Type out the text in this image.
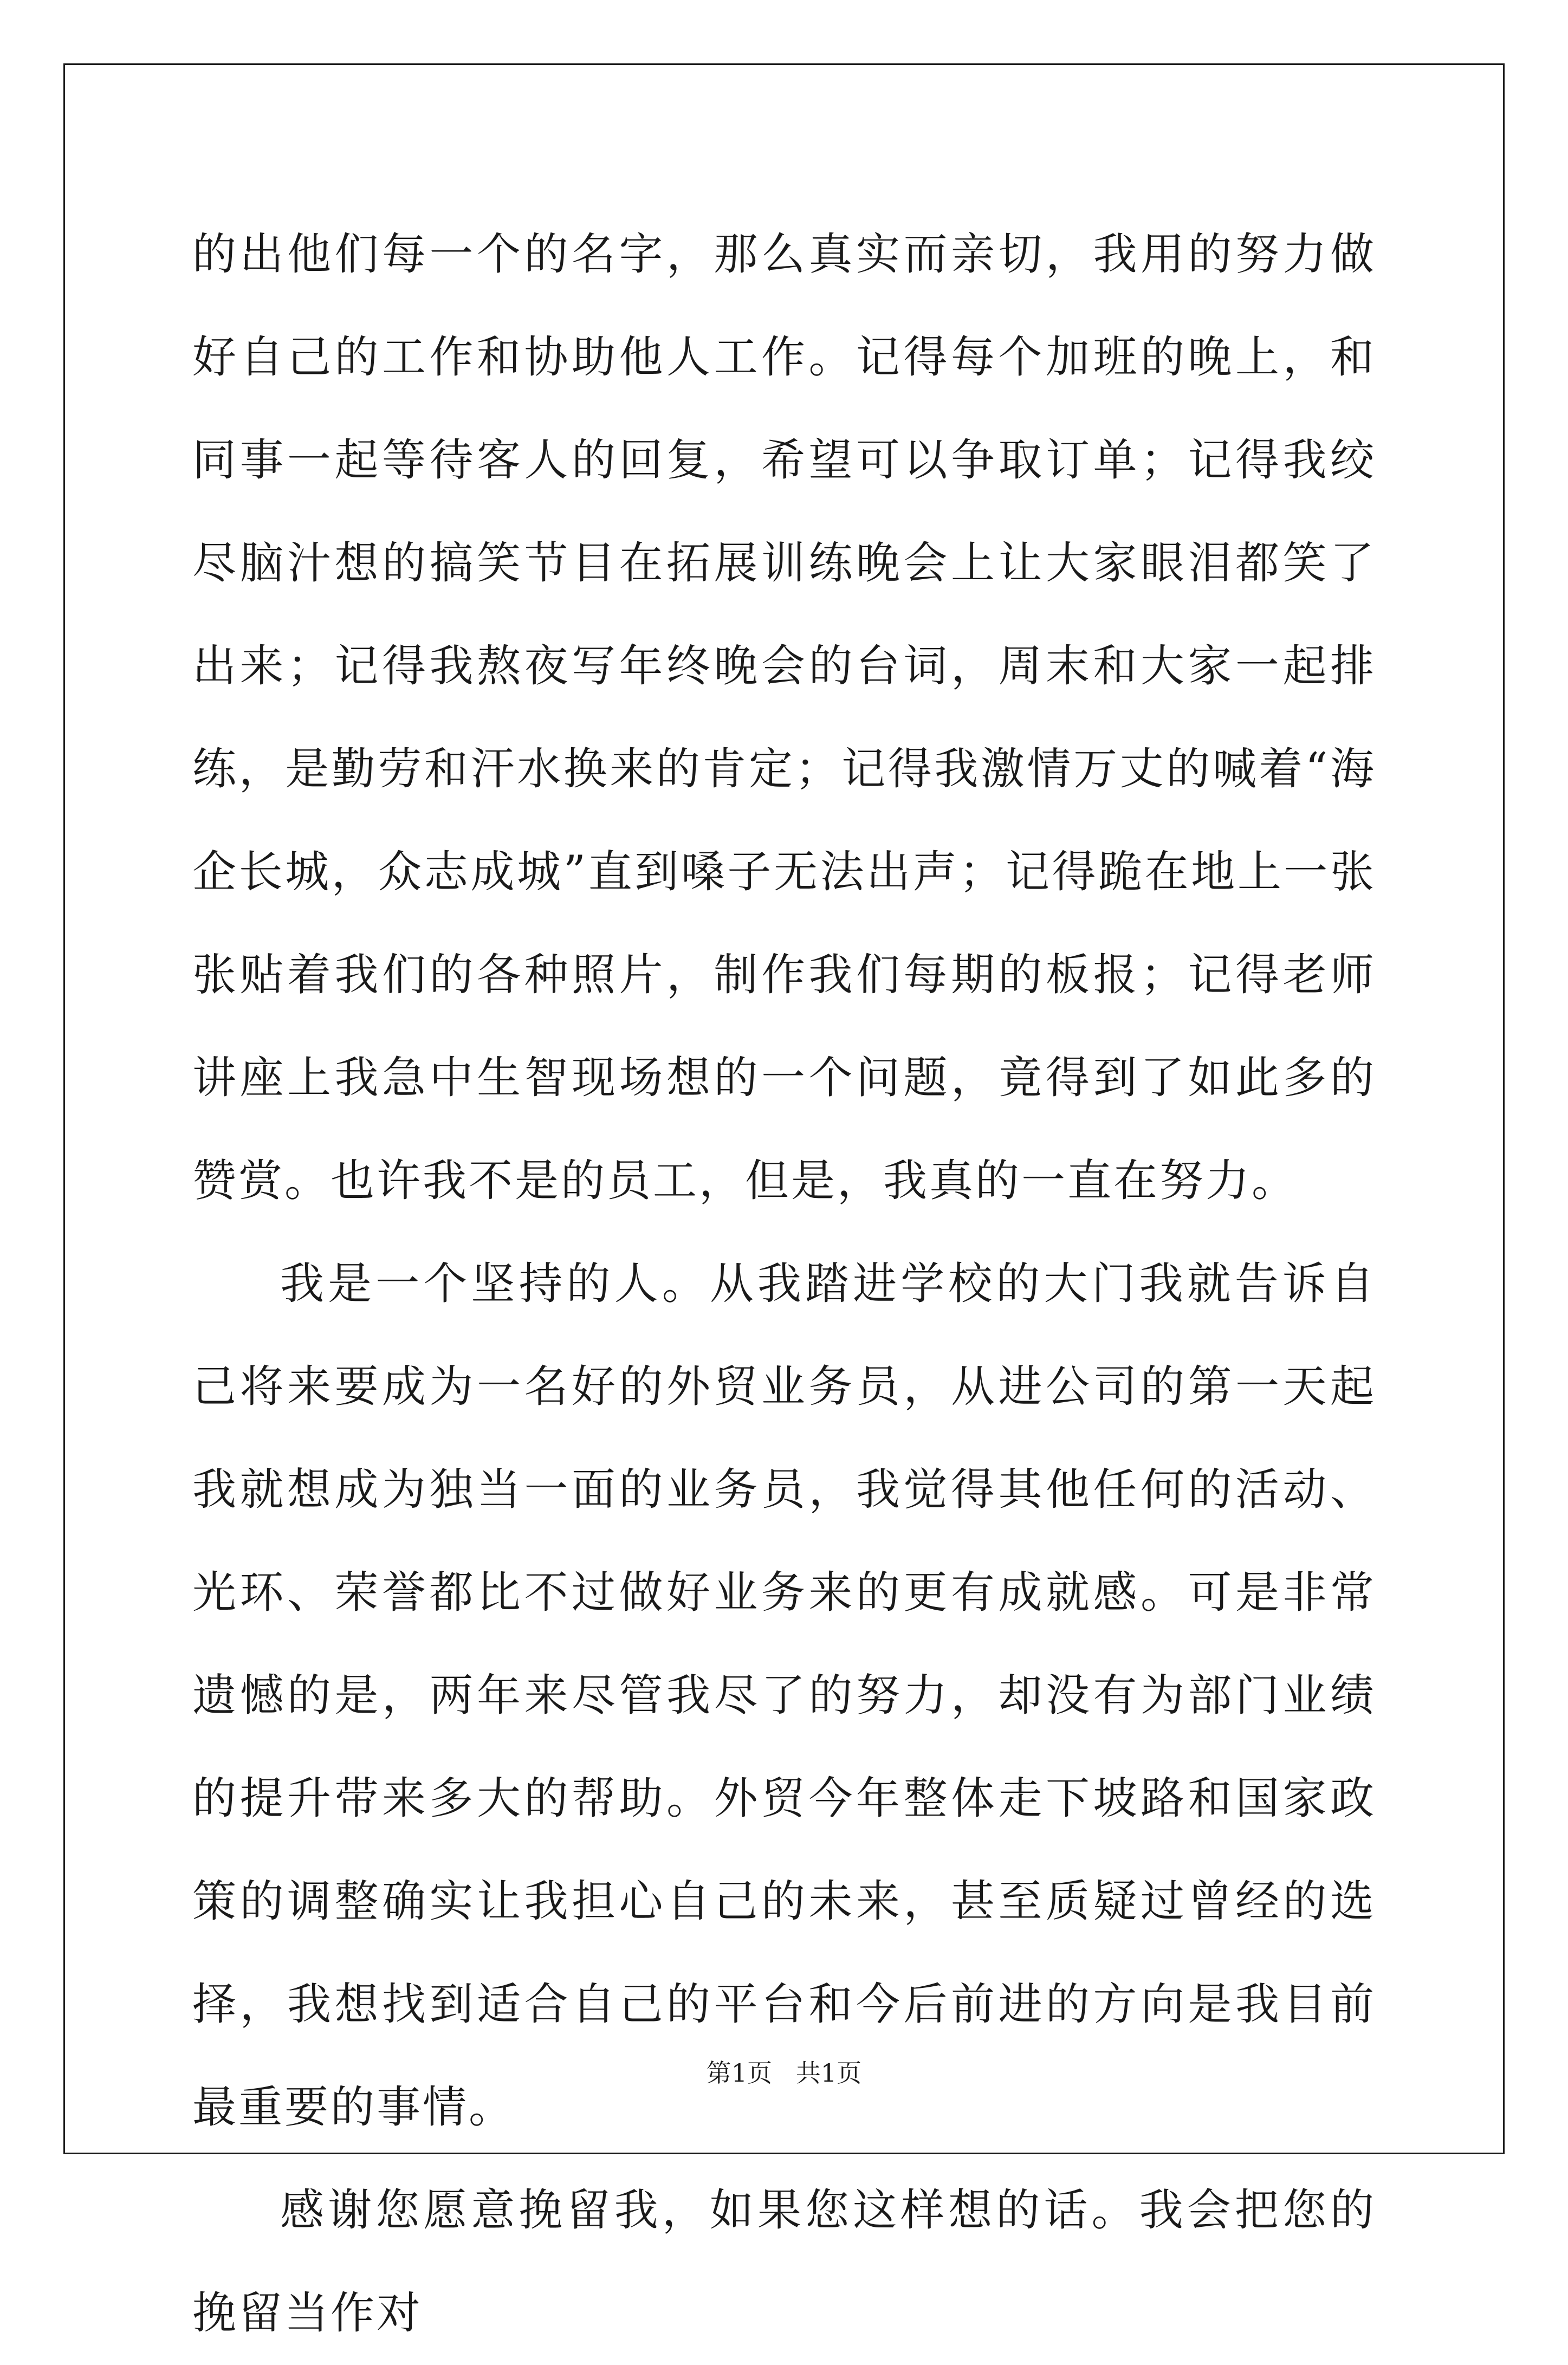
的出他们每一个的名字，那么真实而亲切，我用的努力做好自己的工作和协助他人工作。记得每个加班的晚上，和同事一起等待客人的回复，希望可以争取订单；记得我绞尽脑汁想的搞笑节目在拓展训练晚会上让大家眼泪都笑了出来；记得我熬夜写年终晚会的台词，周末和大家一起排练，是勤劳和汗水换来的肯定；记得我激情万丈的喊着“海企长城，众志成城”直到嗓子无法出声；记得跪在地上一张张贴着我们的各种照片，制作我们每期的板报；记得老师讲座上我急中生智现场想的一个问题，竟得到了如此多的赞赏。也许我不是的员工，但是，我真的一直在努力。

我是一个坚持的人。从我踏进学校的大门我就告诉自己将来要成为一名好的外贸业务员，从进公司的第一天起我就想成为独当一面的业务员，我觉得其他任何的活动、光环、荣誉都比不过做好业务来的更有成就感。可是非常遗憾的是，两年来尽管我尽了的努力，却没有为部门业绩的提升带来多大的帮助。外贸今年整体走下坡路和国家政策的调整确实让我担心自己的未来，甚至质疑过曾经的选择，我想找到适合自己的平台和今后前进的方向是我目前最重要的事情。

感谢您愿意挽留我，如果您这样想的话。我会把您的挽留当作对

第1页   共1页
